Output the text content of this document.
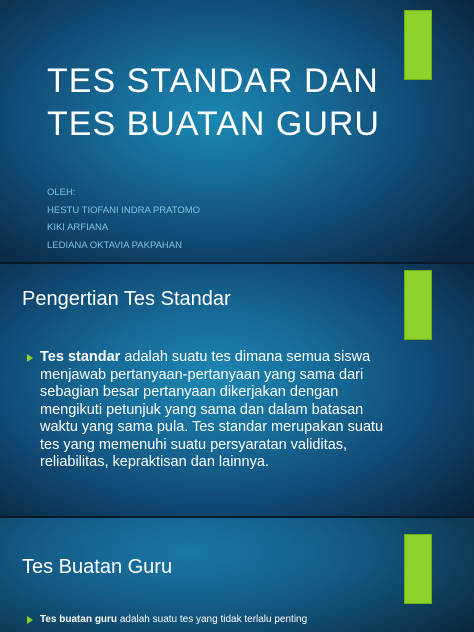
TES STANDAR DAN
TES BUATAN GURU
OLEH:
HESTU TIOFANI INDRA PRATOMO
KIKI ARFIANA
LEDIANA OKTAVIA PAKPAHAN
Pengertian Tes Standar
Tes standar adalah suatu tes dimana semua siswa menjawab pertanyaan-pertanyaan yang sama dari sebagian besar pertanyaan dikerjakan dengan mengikuti petunjuk yang sama dan dalam batasan waktu yang sama pula. Tes standar merupakan suatu tes yang memenuhi suatu persyaratan validitas, reliabilitas, kepraktisan dan lainnya.
Tes Buatan Guru
Tes buatan guru adalah suatu tes yang tidak terlalu penting
